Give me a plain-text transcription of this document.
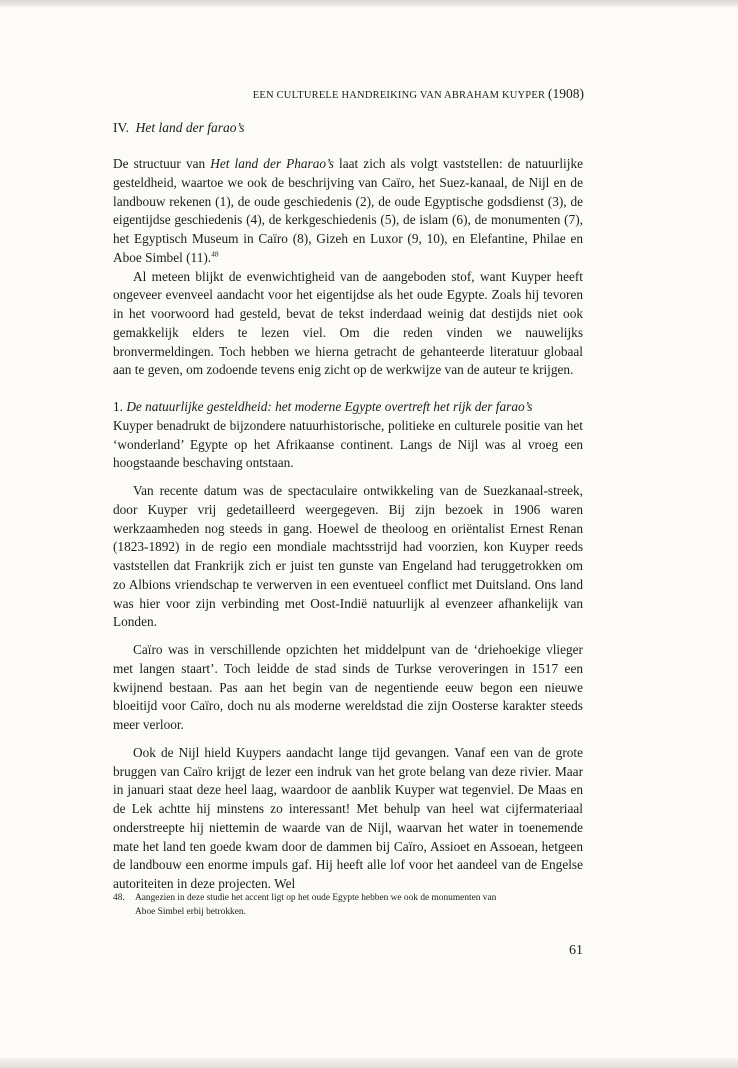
EEN CULTURELE HANDREIKING VAN ABRAHAM KUYPER (1908)
IV. Het land der farao’s

De structuur van Het land der Pharao’s laat zich als volgt vaststellen: de natuurlijke gesteldheid, waartoe we ook de beschrijving van Caïro, het Suez-kanaal, de Nijl en de landbouw rekenen (1), de oude geschiedenis (2), de oude Egyptische godsdienst (3), de eigentijdse geschiedenis (4), de kerkgeschiedenis (5), de islam (6), de monumenten (7), het Egyptisch Museum in Caïro (8), Gizeh en Luxor (9, 10), en Elefantine, Philae en Aboe Simbel (11).$^{48}$

Al meteen blijkt de evenwichtigheid van de aangeboden stof, want Kuyper heeft ongeveer evenveel aandacht voor het eigentijdse als het oude Egypte. Zoals hij tevoren in het voorwoord had gesteld, bevat de tekst inderdaad weinig dat destijds niet ook gemakkelijk elders te lezen viel. Om die reden vinden we nauwelijks bronvermeldingen. Toch hebben we hierna getracht de gehanteerde literatuur globaal aan te geven, om zodoende tevens enig zicht op de werkwijze van de auteur te krijgen.

1. De natuurlijke gesteldheid: het moderne Egypte overtreft het rijk der farao’s

Kuyper benadrukt de bijzondere natuurhistorische, politieke en culturele positie van het ‘wonderland’ Egypte op het Afrikaanse continent. Langs de Nijl was al vroeg een hoogstaande beschaving ontstaan.

Van recente datum was de spectaculaire ontwikkeling van de Suezkanaal-streek, door Kuyper vrij gedetailleerd weergegeven. Bij zijn bezoek in 1906 waren werkzaamheden nog steeds in gang. Hoewel de theoloog en oriëntalist Ernest Renan (1823-1892) in de regio een mondiale machtsstrijd had voorzien, kon Kuyper reeds vaststellen dat Frankrijk zich er juist ten gunste van Engeland had teruggetrokken om zo Albions vriendschap te verwerven in een eventueel conflict met Duitsland. Ons land was hier voor zijn verbinding met Oost-Indië natuurlijk al evenzeer afhankelijk van Londen.

Caïro was in verschillende opzichten het middelpunt van de ‘driehoekige vlieger met langen staart’. Toch leidde de stad sinds de Turkse veroveringen in 1517 een kwijnend bestaan. Pas aan het begin van de negentiende eeuw begon een nieuwe bloeitijd voor Caïro, doch nu als moderne wereldstad die zijn Oosterse karakter steeds meer verloor.

Ook de Nijl hield Kuypers aandacht lange tijd gevangen. Vanaf een van de grote bruggen van Caïro krijgt de lezer een indruk van het grote belang van deze rivier. Maar in januari staat deze heel laag, waardoor de aanblik Kuyper wat tegenviel. De Maas en de Lek achtte hij minstens zo interessant! Met behulp van heel wat cijfermateriaal onderstreepte hij niettemin de waarde van de Nijl, waarvan het water in toenemende mate het land ten goede kwam door de dammen bij Caïro, Assioet en Assoean, hetgeen de landbouw een enorme impuls gaf. Hij heeft alle lof voor het aandeel van de Engelse autoriteiten in deze projecten. Wel

48. Aangezien in deze studie het accent ligt op het oude Egypte hebben we ook de monumenten van
Aboe Simbel erbij betrokken.
61
